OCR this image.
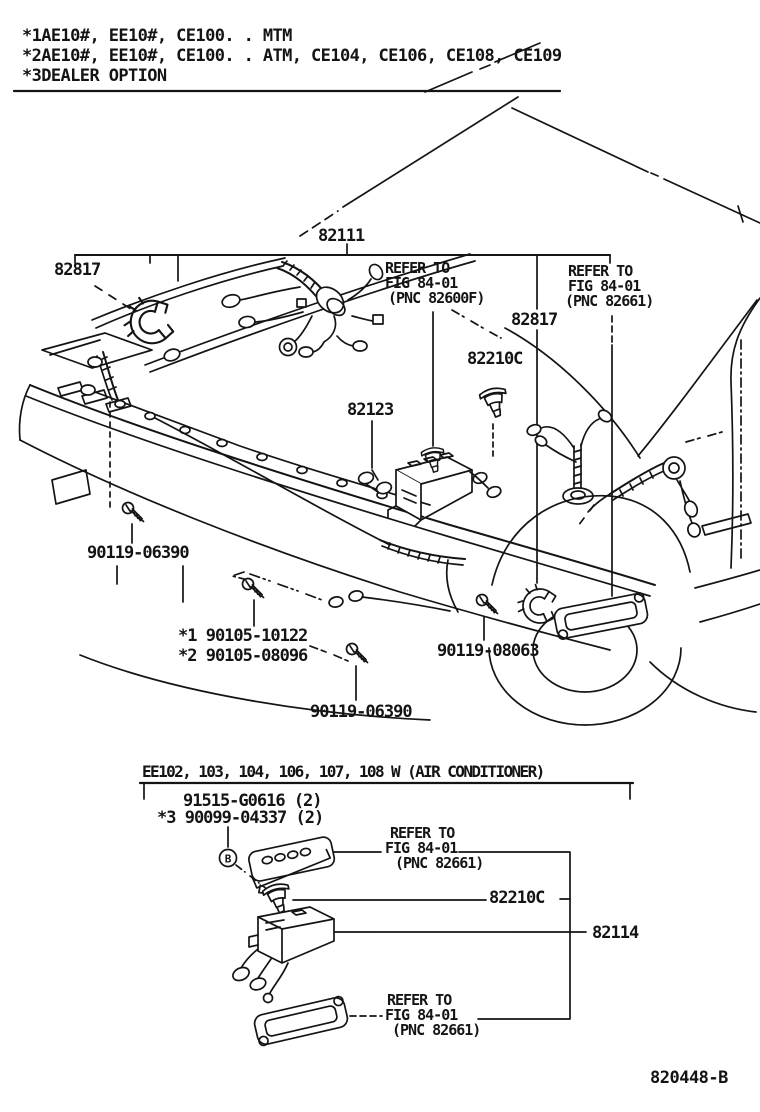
B
*1AE10#, EE10#, CE100. . MTM
*2AE10#, EE10#, CE100. . ATM, CE104, CE106, CE108, CE109
*3DEALER OPTION
82111
82817	REFER TO
FIG 84-01
(PNC 82600F)
REFER TO
FIG 84-01
(PNC 82661)
82817
82210C
82123
90119-06390
*1 90105-10122
*2 90105-08096	90119-08063
90119-06390
EE102, 103, 104, 106, 107, 108 W (AIR CONDITIONER)
91515-G0616 (2)
*3 90099-04337 (2)
REFER TO
FIG 84-01
(PNC 82661)
82210C
82114
REFER TO
FIG 84-01
(PNC 82661)
820448-B
